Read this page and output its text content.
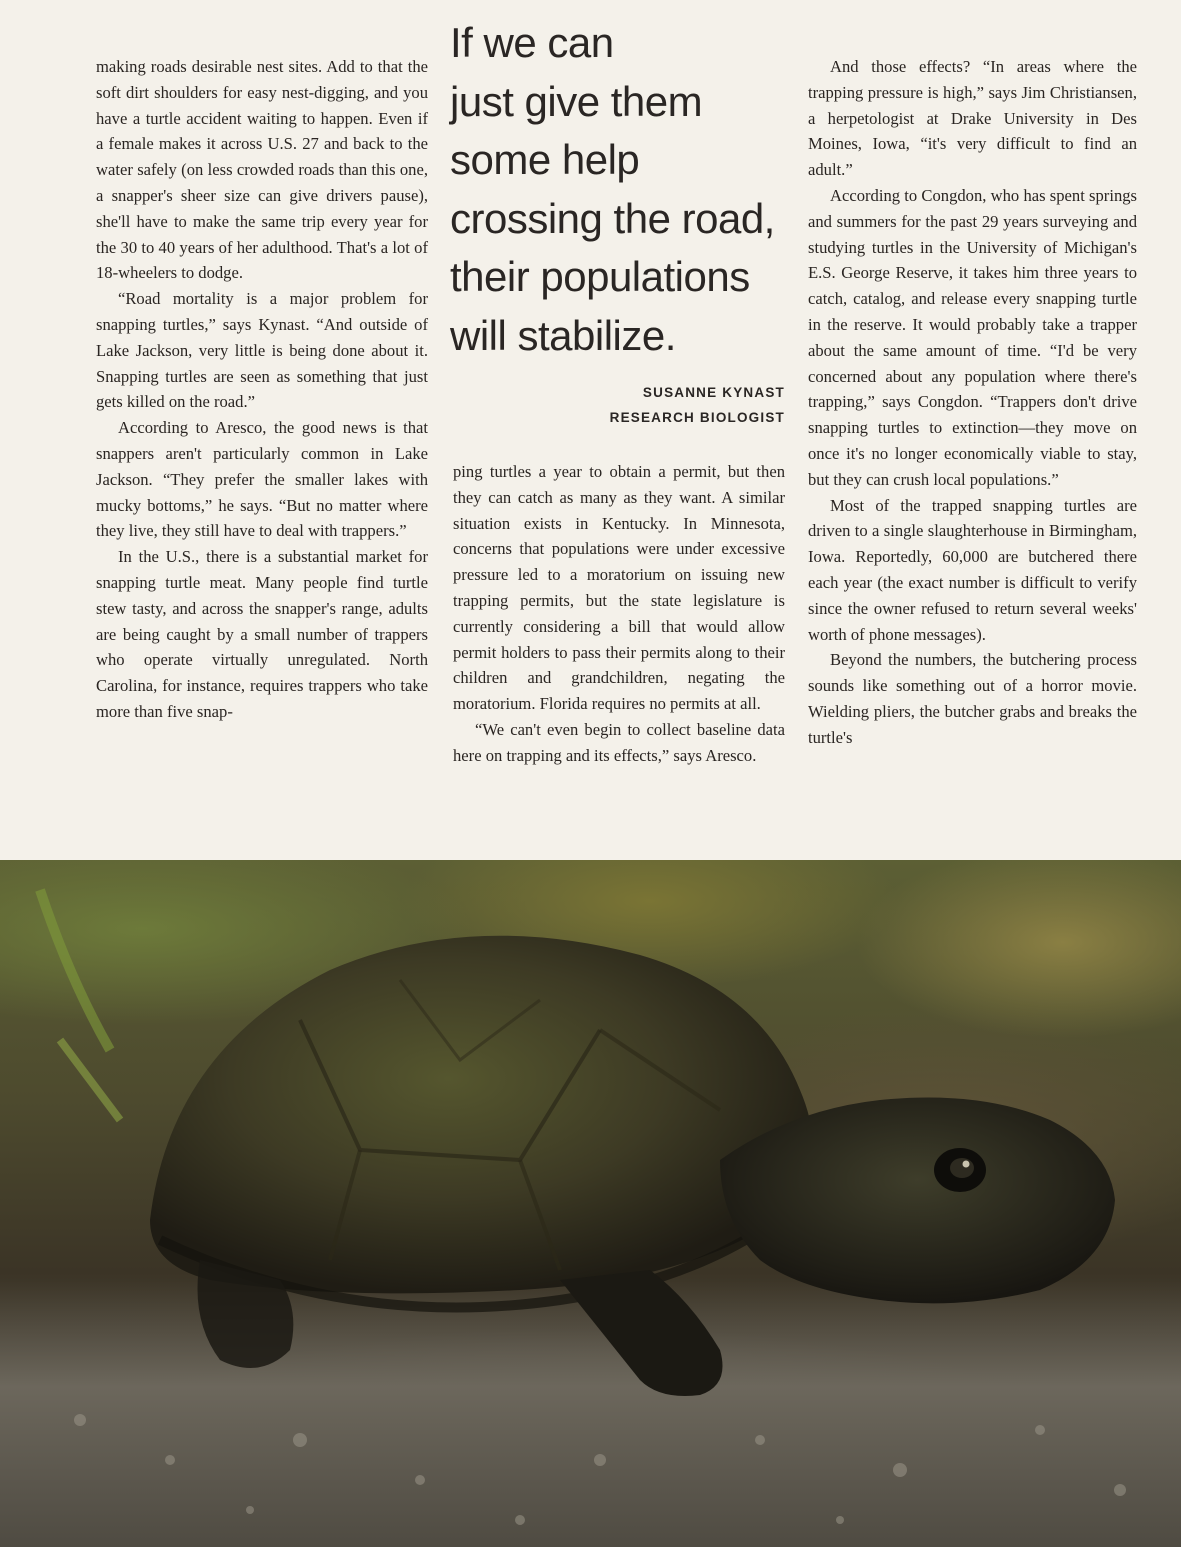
making roads desirable nest sites. Add to that the soft dirt shoulders for easy nest-digging, and you have a turtle accident waiting to happen. Even if a female makes it across U.S. 27 and back to the water safely (on less crowded roads than this one, a snapper's sheer size can give drivers pause), she'll have to make the same trip every year for the 30 to 40 years of her adulthood. That's a lot of 18-wheelers to dodge.

“Road mortality is a major problem for snapping turtles,” says Kynast. “And outside of Lake Jackson, very little is being done about it. Snapping turtles are seen as something that just gets killed on the road.”

According to Aresco, the good news is that snappers aren't particularly common in Lake Jackson. “They prefer the smaller lakes with mucky bottoms,” he says. “But no matter where they live, they still have to deal with trappers.”

In the U.S., there is a substantial market for snapping turtle meat. Many people find turtle stew tasty, and across the snapper's range, adults are being caught by a small number of trappers who operate virtually unregulated. North Carolina, for instance, requires trappers who take more than five snap-

If we can
just give them
some help
crossing the road,
their populations
will stabilize.
SUSANNE KYNAST
RESEARCH BIOLOGIST

ping turtles a year to obtain a permit, but then they can catch as many as they want. A similar situation exists in Kentucky. In Minnesota, concerns that populations were under excessive pressure led to a moratorium on issuing new trapping permits, but the state legislature is currently considering a bill that would allow permit holders to pass their permits along to their children and grandchildren, negating the moratorium. Florida requires no permits at all.

“We can't even begin to collect baseline data here on trapping and its effects,” says Aresco.

And those effects? “In areas where the trapping pressure is high,” says Jim Christiansen, a herpetologist at Drake University in Des Moines, Iowa, “it's very difficult to find an adult.”

According to Congdon, who has spent springs and summers for the past 29 years surveying and studying turtles in the University of Michigan's E.S. George Reserve, it takes him three years to catch, catalog, and release every snapping turtle in the reserve. It would probably take a trapper about the same amount of time. “I'd be very concerned about any population where there's trapping,” says Congdon. “Trappers don't drive snapping turtles to extinction—they move on once it's no longer economically viable to stay, but they can crush local populations.”

Most of the trapped snapping turtles are driven to a single slaughterhouse in Birmingham, Iowa. Reportedly, 60,000 are butchered there each year (the exact number is difficult to verify since the owner refused to return several weeks' worth of phone messages).

Beyond the numbers, the butchering process sounds like something out of a horror movie. Wielding pliers, the butcher grabs and breaks the turtle's
